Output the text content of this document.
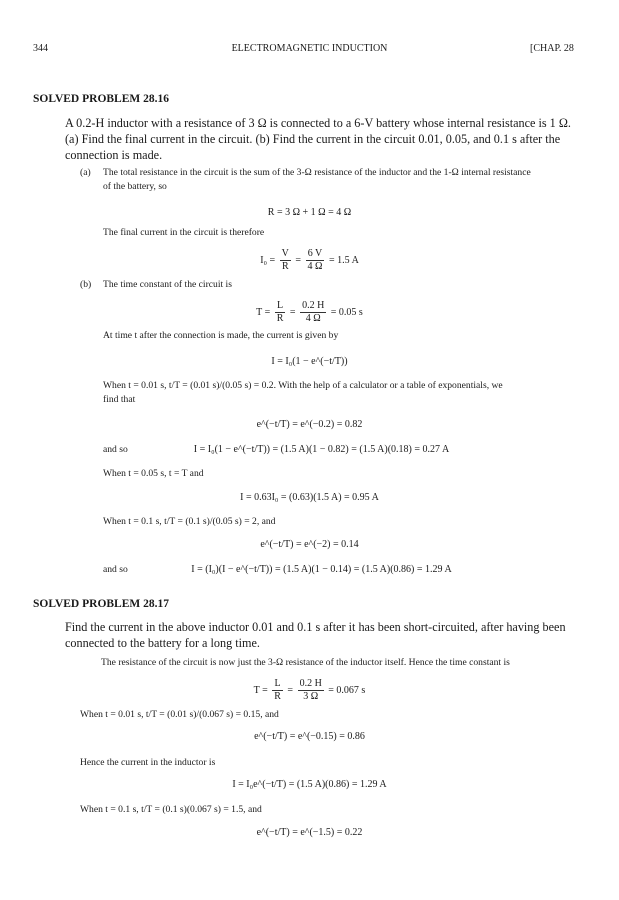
344	ELECTROMAGNETIC INDUCTION	[CHAP. 28
SOLVED PROBLEM 28.16
A 0.2-H inductor with a resistance of 3 Ω is connected to a 6-V battery whose internal resistance is 1 Ω.
(a) Find the final current in the circuit. (b) Find the current in the circuit 0.01, 0.05, and 0.1 s after the
connection is made.
(a) The total resistance in the circuit is the sum of the 3-Ω resistance of the inductor and the 1-Ω internal resistance
of the battery, so
R = 3 Ω + 1 Ω = 4 Ω
The final current in the circuit is therefore
$I_0 = \frac{V}{R} = \frac{6 V}{4 \Omega} = 1.5$ A
(b) The time constant of the circuit is
$T = \frac{L}{R} = \frac{0.2 H}{4 \Omega} = 0.05$ s
At time t after the connection is made, the current is given by
I = I₀(1 − e^(−t/T))
When t = 0.01 s, t/T = (0.01 s)/(0.05 s) = 0.2. With the help of a calculator or a table of exponentials, we
find that
e^(−t/T) = e^(−0.2) = 0.82
and so	I = I₀(1 − e^(−t/T)) = (1.5 A)(1 − 0.82) = (1.5 A)(0.18) = 0.27 A
When t = 0.05 s, t = T and
I = 0.63I₀ = (0.63)(1.5 A) = 0.95 A
When t = 0.1 s, t/T = (0.1 s)/(0.05 s) = 2, and
e^(−t/T) = e^(−2) = 0.14
and so	I = (I₀)(I − e^(−t/T)) = (1.5 A)(1 − 0.14) = (1.5 A)(0.86) = 1.29 A
SOLVED PROBLEM 28.17
Find the current in the above inductor 0.01 and 0.1 s after it has been short-circuited, after having been
connected to the battery for a long time.
The resistance of the circuit is now just the 3-Ω resistance of the inductor itself. Hence the time constant is
$T = \frac{L}{R} = \frac{0.2 H}{3 \Omega} = 0.067$ s
When t = 0.01 s, t/T = (0.01 s)/(0.067 s) = 0.15, and
e^(−t/T) = e^(−0.15) = 0.86
Hence the current in the inductor is
I = I₀e^(−t/T) = (1.5 A)(0.86) = 1.29 A
When t = 0.1 s, t/T = (0.1 s)(0.067 s) = 1.5, and
e^(−t/T) = e^(−1.5) = 0.22
